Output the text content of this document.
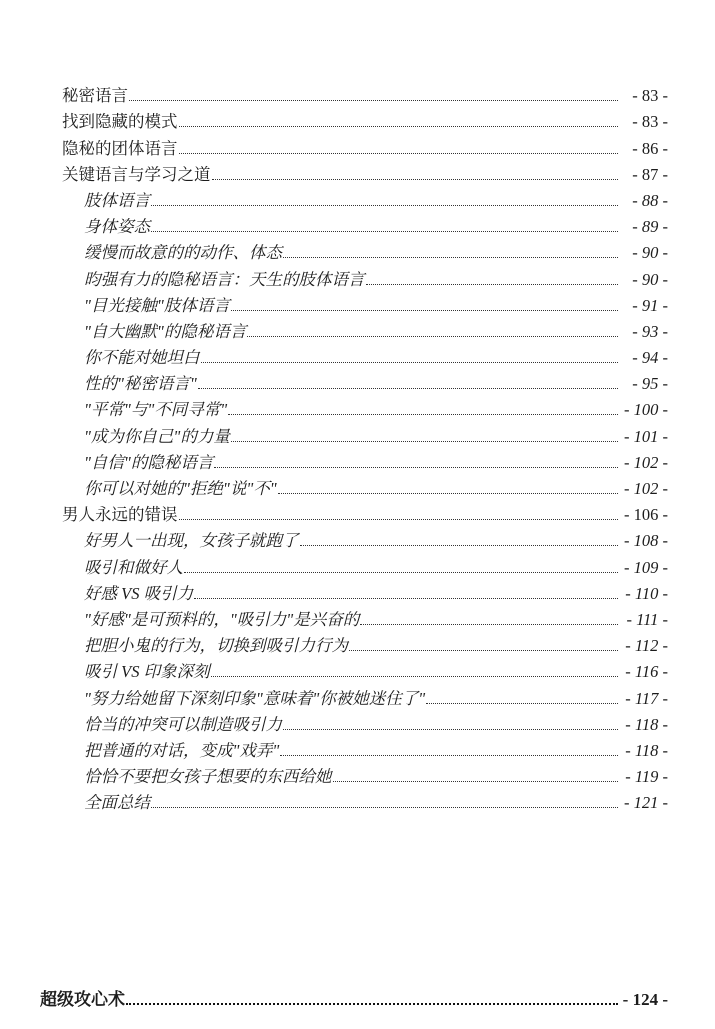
秘密语言	- 83 -
找到隐藏的模式	- 83 -
隐秘的团体语言	- 86 -
关键语言与学习之道	- 87 -
肢体语言	- 88 -
身体姿态	- 89 -
缓慢而故意的的动作、体态	- 90 -
昀强有力的隐秘语言：天生的肢体语言	- 90 -
"目光接触"肢体语言	- 91 -
"自大幽默"的隐秘语言	- 93 -
你不能对她坦白	- 94 -
性的"秘密语言"	- 95 -
"平常"与"不同寻常"	- 100 -
"成为你自己"的力量	- 101 -
"自信"的隐秘语言	- 102 -
你可以对她的"拒绝"说"不"	- 102 -
男人永远的错误	- 106 -
好男人一出现，女孩子就跑了	- 108 -
吸引和做好人	- 109 -
好感 VS 吸引力	- 110 -
"好感"是可预料的，"吸引力"是兴奋的	- 111 -
把胆小鬼的行为，切换到吸引力行为	- 112 -
吸引 VS 印象深刻	- 116 -
"努力给她留下深刻印象"意味着"你被她迷住了"	- 117 -
恰当的冲突可以制造吸引力	- 118 -
把普通的对话，变成"戏弄"	- 118 -
恰恰不要把女孩子想要的东西给她	- 119 -
全面总结	- 121 -
超级攻心术	- 124 -
